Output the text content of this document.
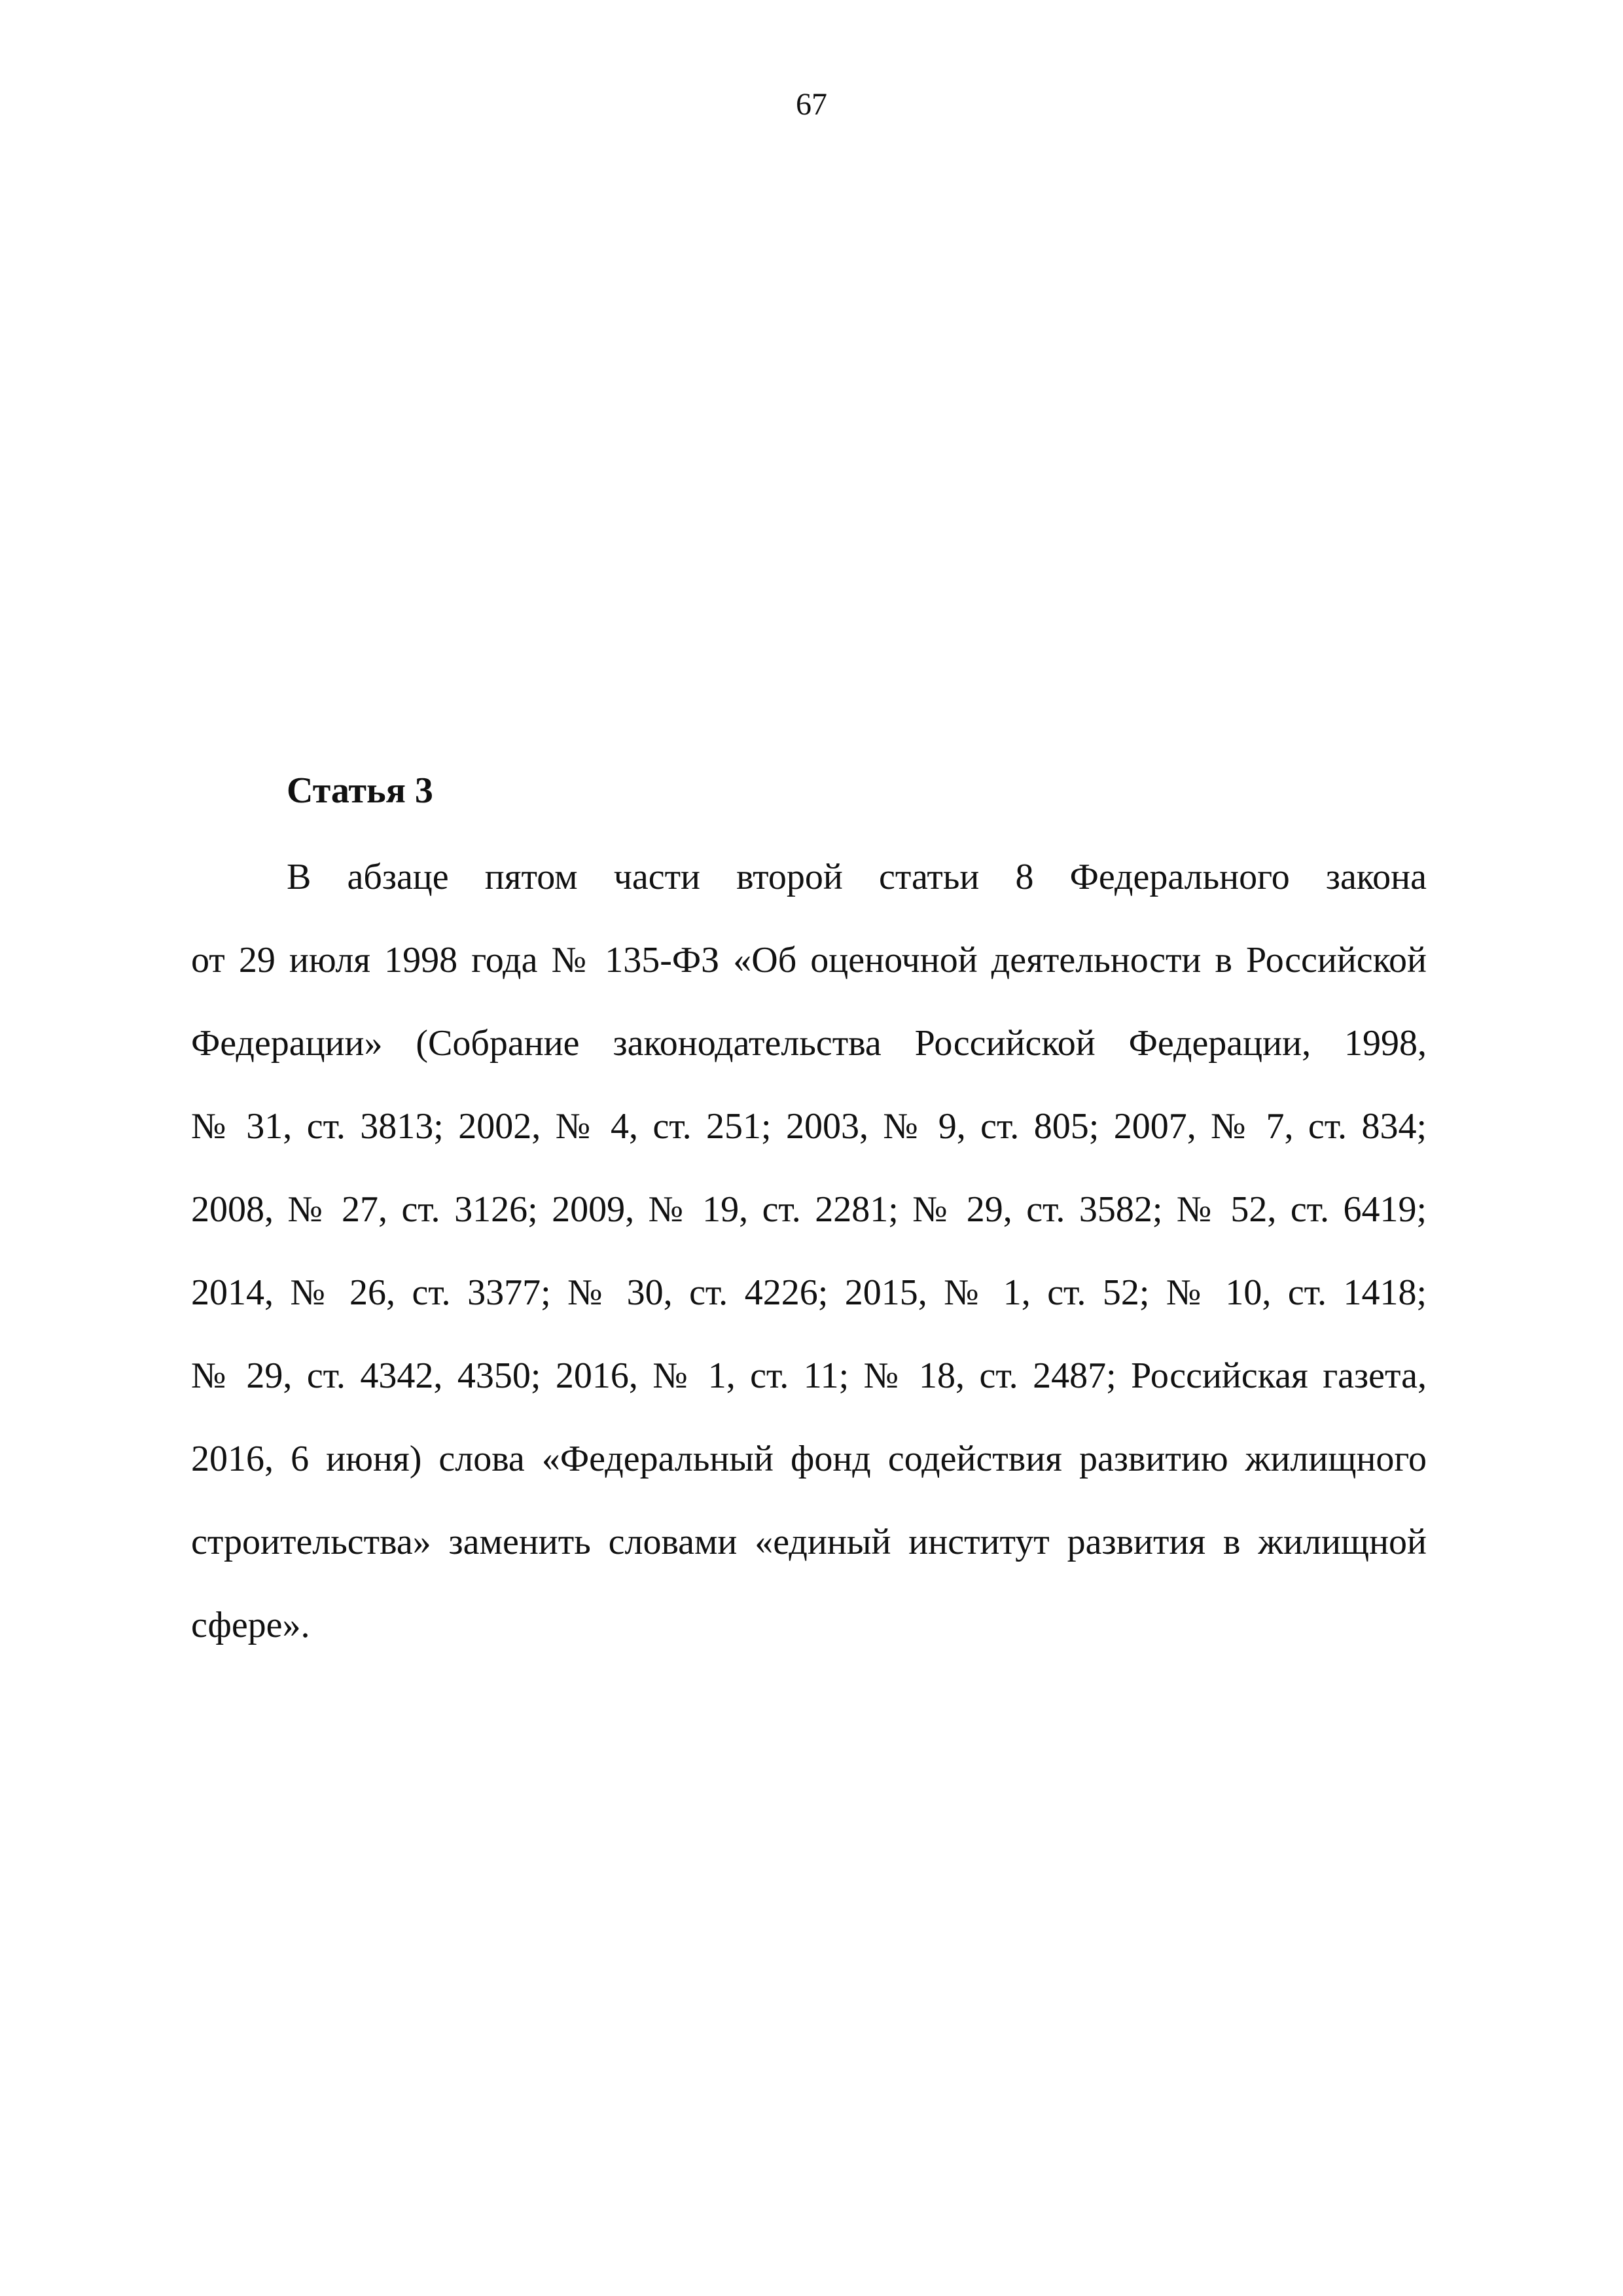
67
Статья 3
В абзаце пятом части второй статьи 8 Федерального закона
от 29 июля 1998 года № 135-ФЗ «Об оценочной деятельности в Российской
Федерации» (Собрание законодательства Российской Федерации, 1998,
№ 31, ст. 3813; 2002, № 4, ст. 251; 2003, № 9, ст. 805; 2007, № 7, ст. 834;
2008, № 27, ст. 3126; 2009, № 19, ст. 2281; № 29, ст. 3582; № 52, ст. 6419;
2014, № 26, ст. 3377; № 30, ст. 4226; 2015, № 1, ст. 52; № 10, ст. 1418;
№ 29, ст. 4342, 4350; 2016, № 1, ст. 11; № 18, ст. 2487; Российская газета,
2016, 6 июня) слова «Федеральный фонд содействия развитию жилищного
строительства» заменить словами «единый институт развития в жилищной
сфере».
